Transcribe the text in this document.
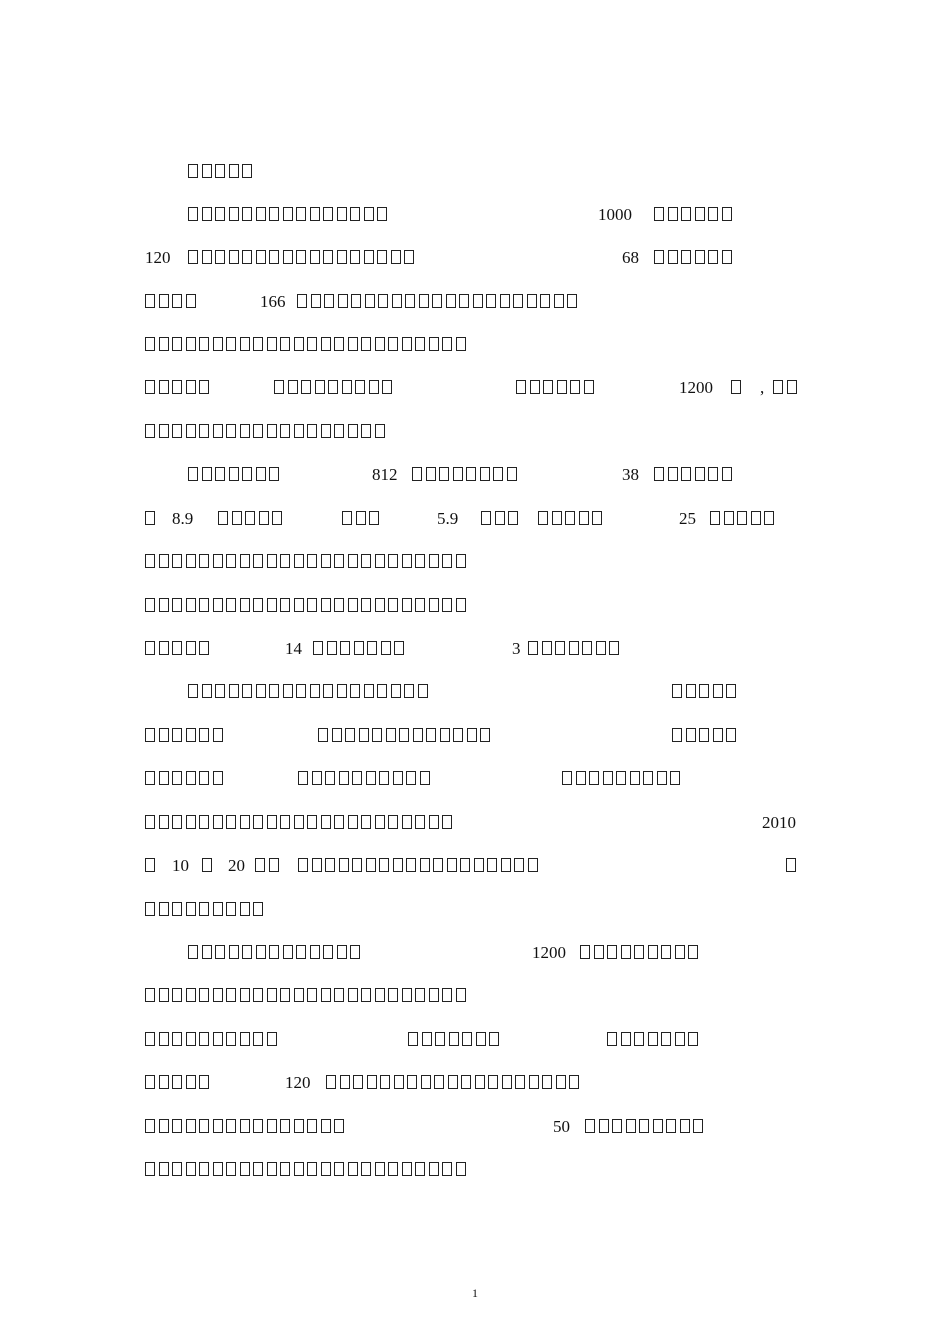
1
1000
120	68
166
1200	,
812	38
8.9	5.9	25
14	3
2010
10 20
1200
120
50
